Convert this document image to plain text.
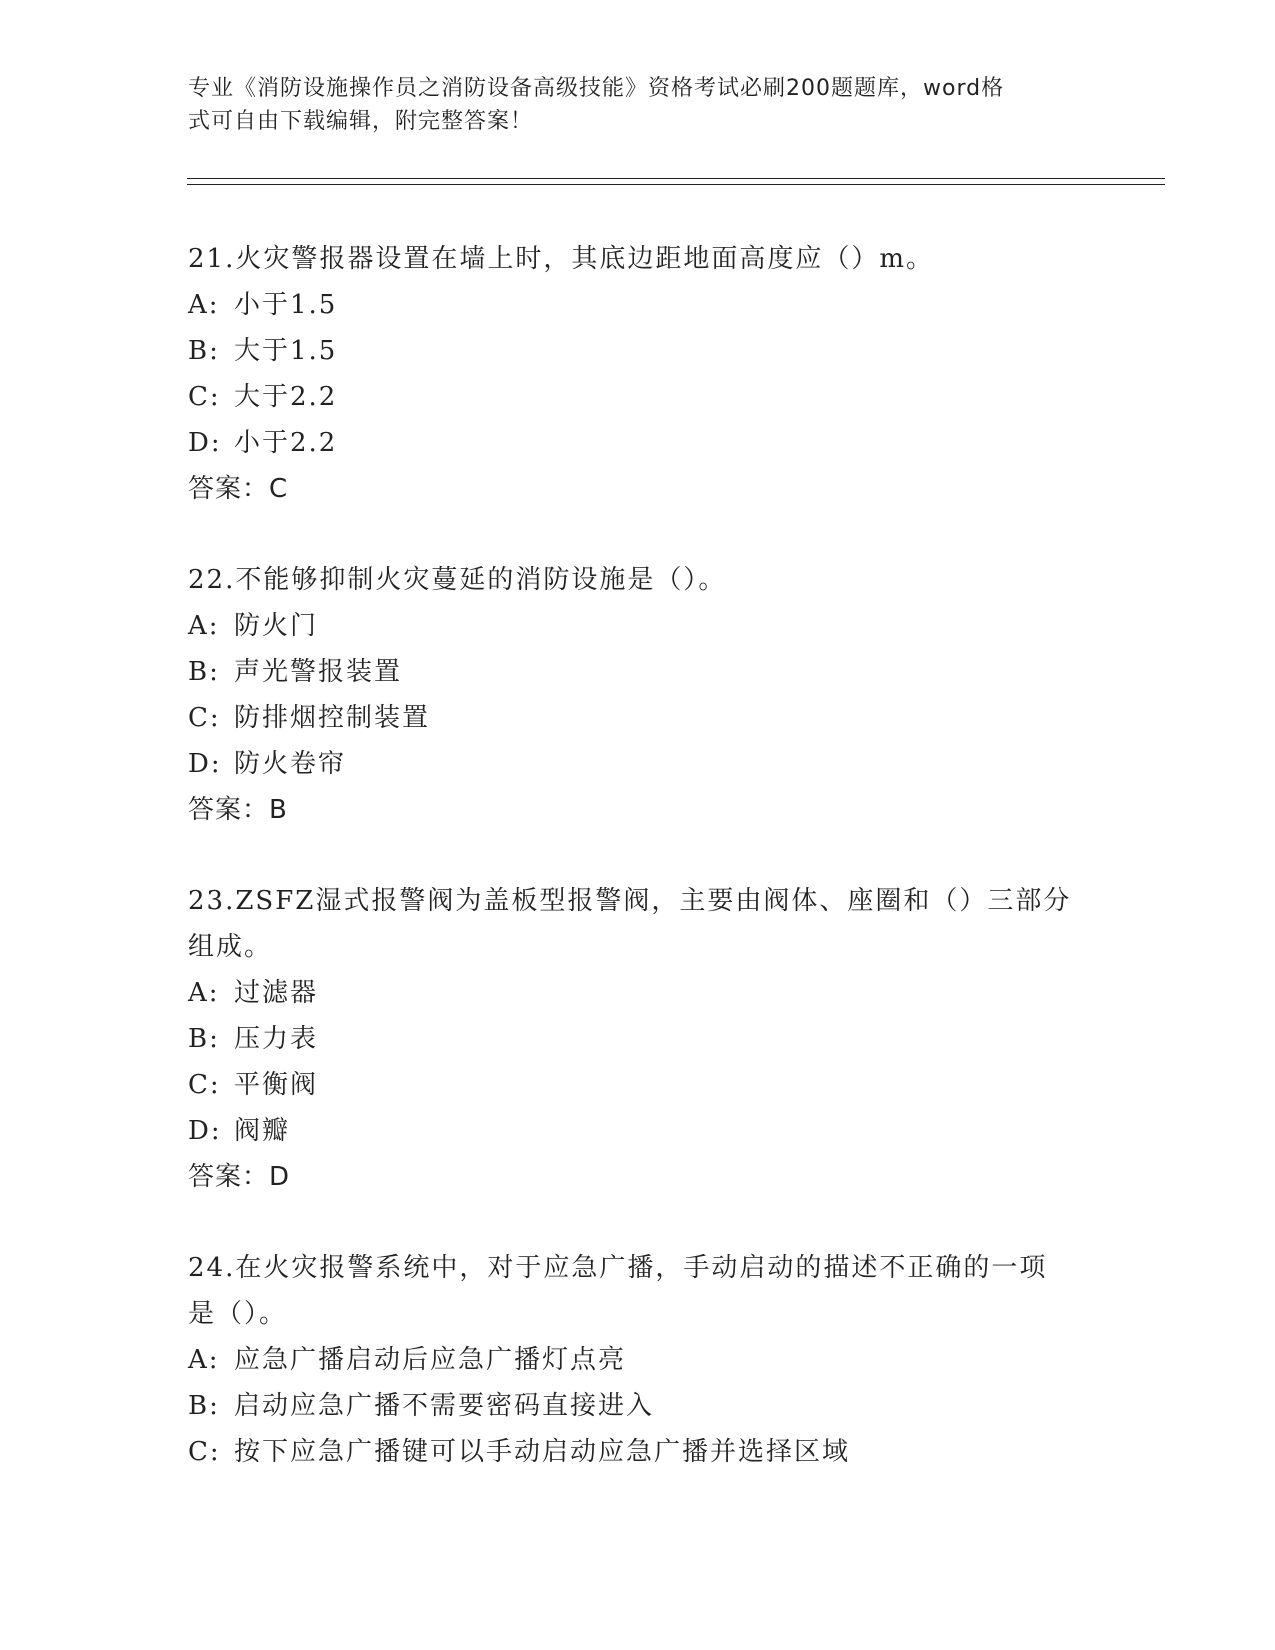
专业《消防设施操作员之消防设备高级技能》资格考试必刷200题题库，word格
式可自由下载编辑，附完整答案！
21.火灾警报器设置在墙上时，其底边距地面高度应（）m。
A: 小于1.5
B: 大于1.5
C: 大于2.2
D: 小于2.2
答案：C
22.不能够抑制火灾蔓延的消防设施是（）。
A: 防火门
B: 声光警报装置
C: 防排烟控制装置
D: 防火卷帘
答案：B
23.ZSFZ湿式报警阀为盖板型报警阀，主要由阀体、座圈和（）三部分
组成。
A: 过滤器
B: 压力表
C: 平衡阀
D: 阀瓣
答案：D
24.在火灾报警系统中，对于应急广播，手动启动的描述不正确的一项
是（）。
A: 应急广播启动后应急广播灯点亮
B: 启动应急广播不需要密码直接进入
C: 按下应急广播键可以手动启动应急广播并选择区域
